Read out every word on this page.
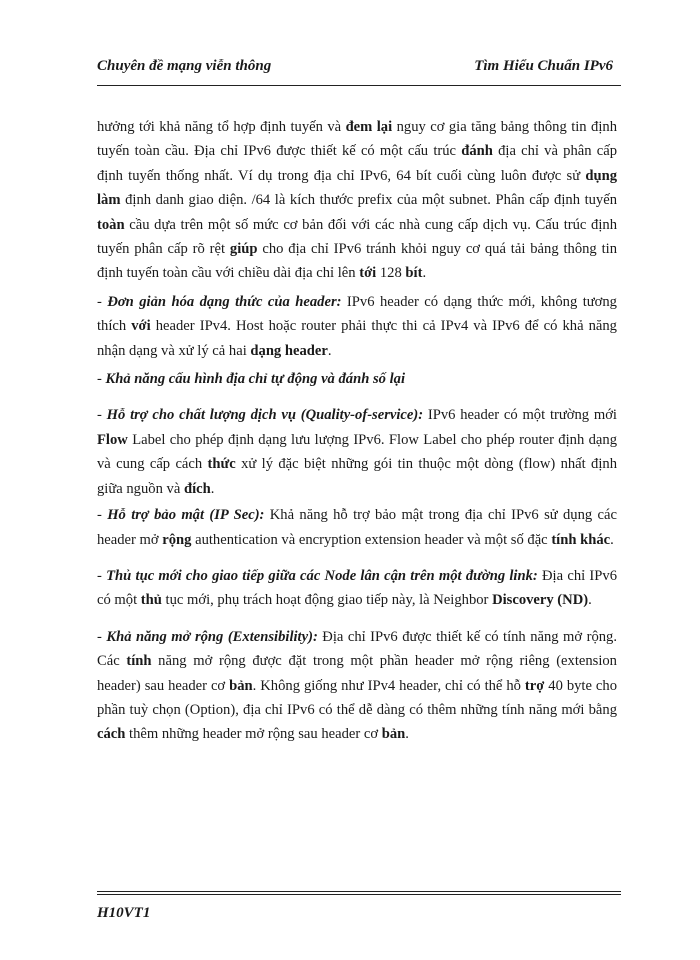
Chuyên đề mạng viễn thông	Tìm Hiểu Chuẩn IPv6

hưởng tới khả năng tổ hợp định tuyến và đem lại nguy cơ gia tăng bảng thông tin định tuyến toàn cầu. Địa chỉ IPv6 được thiết kế có một cấu trúc đánh địa chỉ và phân cấp định tuyến thống nhất. Ví dụ trong địa chỉ IPv6, 64 bít cuối cùng luôn được sử dụng làm định danh giao diện. /64 là kích thước prefix của một subnet. Phân cấp định tuyến toàn cầu dựa trên một số mức cơ bản đối với các nhà cung cấp dịch vụ. Cấu trúc định tuyến phân cấp rõ rệt giúp cho địa chỉ IPv6 tránh khỏi nguy cơ quá tải bảng thông tin định tuyến toàn cầu với chiều dài địa chỉ lên tới 128 bít.

- Đơn giản hóa dạng thức của header: IPv6 header có dạng thức mới, không tương thích với header IPv4. Host hoặc router phải thực thi cả IPv4 và IPv6 để có khả năng nhận dạng và xử lý cả hai dạng header.

- Khả năng cấu hình địa chỉ tự động và đánh số lại

- Hỗ trợ cho chất lượng dịch vụ (Quality-of-service): IPv6 header có một trường mới Flow Label cho phép định dạng lưu lượng IPv6. Flow Label cho phép router định dạng và cung cấp cách thức xử lý đặc biệt những gói tin thuộc một dòng (flow) nhất định giữa nguồn và đích.

- Hỗ trợ bảo mật (IP Sec): Khả năng hỗ trợ bảo mật trong địa chỉ IPv6 sử dụng các header mở rộng authentication và encryption extension header và một số đặc tính khác.

- Thủ tục mới cho giao tiếp giữa các Node lân cận trên một đường link: Địa chỉ IPv6 có một thủ tục mới, phụ trách hoạt động giao tiếp này, là Neighbor Discovery (ND).

- Khả năng mở rộng (Extensibility): Địa chỉ IPv6 được thiết kế có tính năng mở rộng. Các tính năng mở rộng được đặt trong một phần header mở rộng riêng (extension header) sau header cơ bản. Không giống như IPv4 header, chỉ có thể hỗ trợ 40 byte cho phần tuỳ chọn (Option), địa chỉ IPv6 có thể dễ dàng có thêm những tính năng mới bằng cách thêm những header mở rộng sau header cơ bản.

H10VT1
